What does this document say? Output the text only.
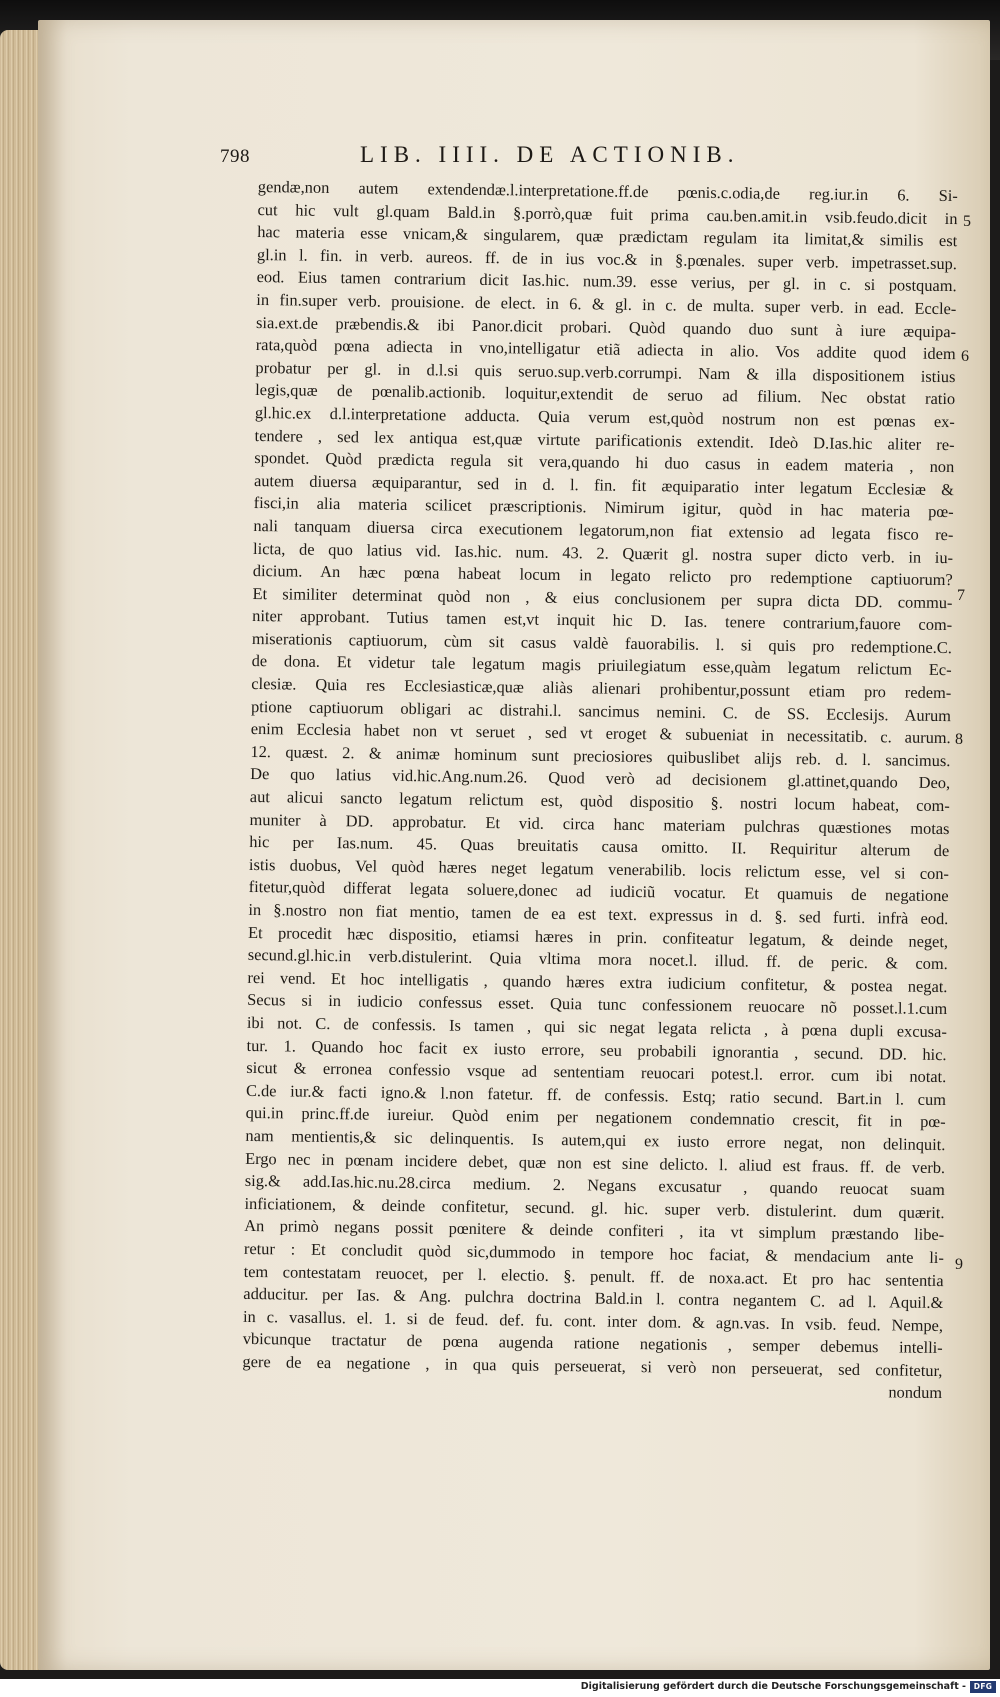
798	LIB. IIII. DE ACTIONIB.
gendæ,non autem extendendæ.l.interpretatione.ff.de pœnis.c.odia,de reg.iur.in 6. Si-
cut hic vult gl.quam Bald.in §.porrò,quæ fuit prima cau.ben.amit.in vsib.feudo.dicit in
hac materia esse vnicam,& singularem, quæ prædictam regulam ita limitat,& similis est
gl.in l. fin. in verb. aureos. ff. de in ius voc.& in §.pœnales. super verb. impetrasset.sup.
eod. Eius tamen contrarium dicit Ias.hic. num.39. esse verius, per gl. in c. si postquam.
in fin.super verb. prouisione. de elect. in 6. & gl. in c. de multa. super verb. in ead. Eccle-
sia.ext.de præbendis.& ibi Panor.dicit probari. Quòd quando duo sunt à iure æquipa-
rata,quòd pœna adiecta in vno,intelligatur etiã adiecta in alio. Vos addite quod idem
probatur per gl. in d.l.si quis seruo.sup.verb.corrumpi. Nam & illa dispositionem istius
legis,quæ de pœnalib.actionib. loquitur,extendit de seruo ad filium. Nec obstat ratio
gl.hic.ex d.l.interpretatione adducta. Quia verum est,quòd nostrum non est pœnas ex-
tendere , sed lex antiqua est,quæ virtute parificationis extendit. Ideò D.Ias.hic aliter re-
spondet. Quòd prædicta regula sit vera,quando hi duo casus in eadem materia , non
autem diuersa æquiparantur, sed in d. l. fin. fit æquiparatio inter legatum Ecclesiæ &
fisci,in alia materia scilicet præscriptionis. Nimirum igitur, quòd in hac materia pœ-
nali tanquam diuersa circa executionem legatorum,non fiat extensio ad legata fisco re-
licta, de quo latius vid. Ias.hic. num. 43. 2. Quærit gl. nostra super dicto verb. in iu-
dicium. An hæc pœna habeat locum in legato relicto pro redemptione captiuorum?
Et similiter determinat quòd non , & eius conclusionem per supra dicta DD. commu-
niter approbant. Tutius tamen est,vt inquit hic D. Ias. tenere contrarium,fauore com-
miserationis captiuorum, cùm sit casus valdè fauorabilis. l. si quis pro redemptione.C.
de dona. Et videtur tale legatum magis priuilegiatum esse,quàm legatum relictum Ec-
clesiæ. Quia res Ecclesiasticæ,quæ aliàs alienari prohibentur,possunt etiam pro redem-
ptione captiuorum obligari ac distrahi.l. sancimus nemini. C. de SS. Ecclesijs. Aurum
enim Ecclesia habet non vt seruet , sed vt eroget & subueniat in necessitatib. c. aurum.
12. quæst. 2. & animæ hominum sunt preciosiores quibuslibet alijs reb. d. l. sancimus.
De quo latius vid.hic.Ang.num.26. Quod verò ad decisionem gl.attinet,quando Deo,
aut alicui sancto legatum relictum est, quòd dispositio §. nostri locum habeat, com-
muniter à DD. approbatur. Et vid. circa hanc materiam pulchras quæstiones motas
hic per Ias.num. 45. Quas breuitatis causa omitto. II. Requiritur alterum de
istis duobus, Vel quòd hæres neget legatum venerabilib. locis relictum esse, vel si con-
fitetur,quòd differat legata soluere,donec ad iudiciũ vocatur. Et quamuis de negatione
in §.nostro non fiat mentio, tamen de ea est text. expressus in d. §. sed furti. infrà eod.
Et procedit hæc dispositio, etiamsi hæres in prin. confiteatur legatum, & deinde neget,
secund.gl.hic.in verb.distulerint. Quia vltima mora nocet.l. illud. ff. de peric. & com.
rei vend. Et hoc intelligatis , quando hæres extra iudicium confitetur, & postea negat.
Secus si in iudicio confessus esset. Quia tunc confessionem reuocare nõ posset.l.1.cum
ibi not. C. de confessis. Is tamen , qui sic negat legata relicta , à pœna dupli excusa-
tur. 1. Quando hoc facit ex iusto errore, seu probabili ignorantia , secund. DD. hic.
sicut & erronea confessio vsque ad sententiam reuocari potest.l. error. cum ibi notat.
C.de iur.& facti igno.& l.non fatetur. ff. de confessis. Estq; ratio secund. Bart.in l. cum
qui.in princ.ff.de iureiur. Quòd enim per negationem condemnatio crescit, fit in pœ-
nam mentientis,& sic delinquentis. Is autem,qui ex iusto errore negat, non delinquit.
Ergo nec in pœnam incidere debet, quæ non est sine delicto. l. aliud est fraus. ff. de verb.
sig.& add.Ias.hic.nu.28.circa medium. 2. Negans excusatur , quando reuocat suam
inficiationem, & deinde confitetur, secund. gl. hic. super verb. distulerint. dum quærit.
An primò negans possit pœnitere & deinde confiteri , ita vt simplum præstando libe-
retur : Et concludit quòd sic,dummodo in tempore hoc faciat, & mendacium ante li-
tem contestatam reuocet, per l. electio. §. penult. ff. de noxa.act. Et pro hac sententia
adducitur. per Ias. & Ang. pulchra doctrina Bald.in l. contra negantem C. ad l. Aquil.&
in c. vasallus. el. 1. si de feud. def. fu. cont. inter dom. & agn.vas. In vsib. feud. Nempe,
vbicunque tractatur de pœna augenda ratione negationis , semper debemus intelli-
gere de ea negatione , in qua quis perseuerat, si verò non perseuerat, sed confitetur,
nondum
5
6
7
8
9
Digitalisierung gefördert durch die Deutsche Forschungsgemeinschaft -	DFG
